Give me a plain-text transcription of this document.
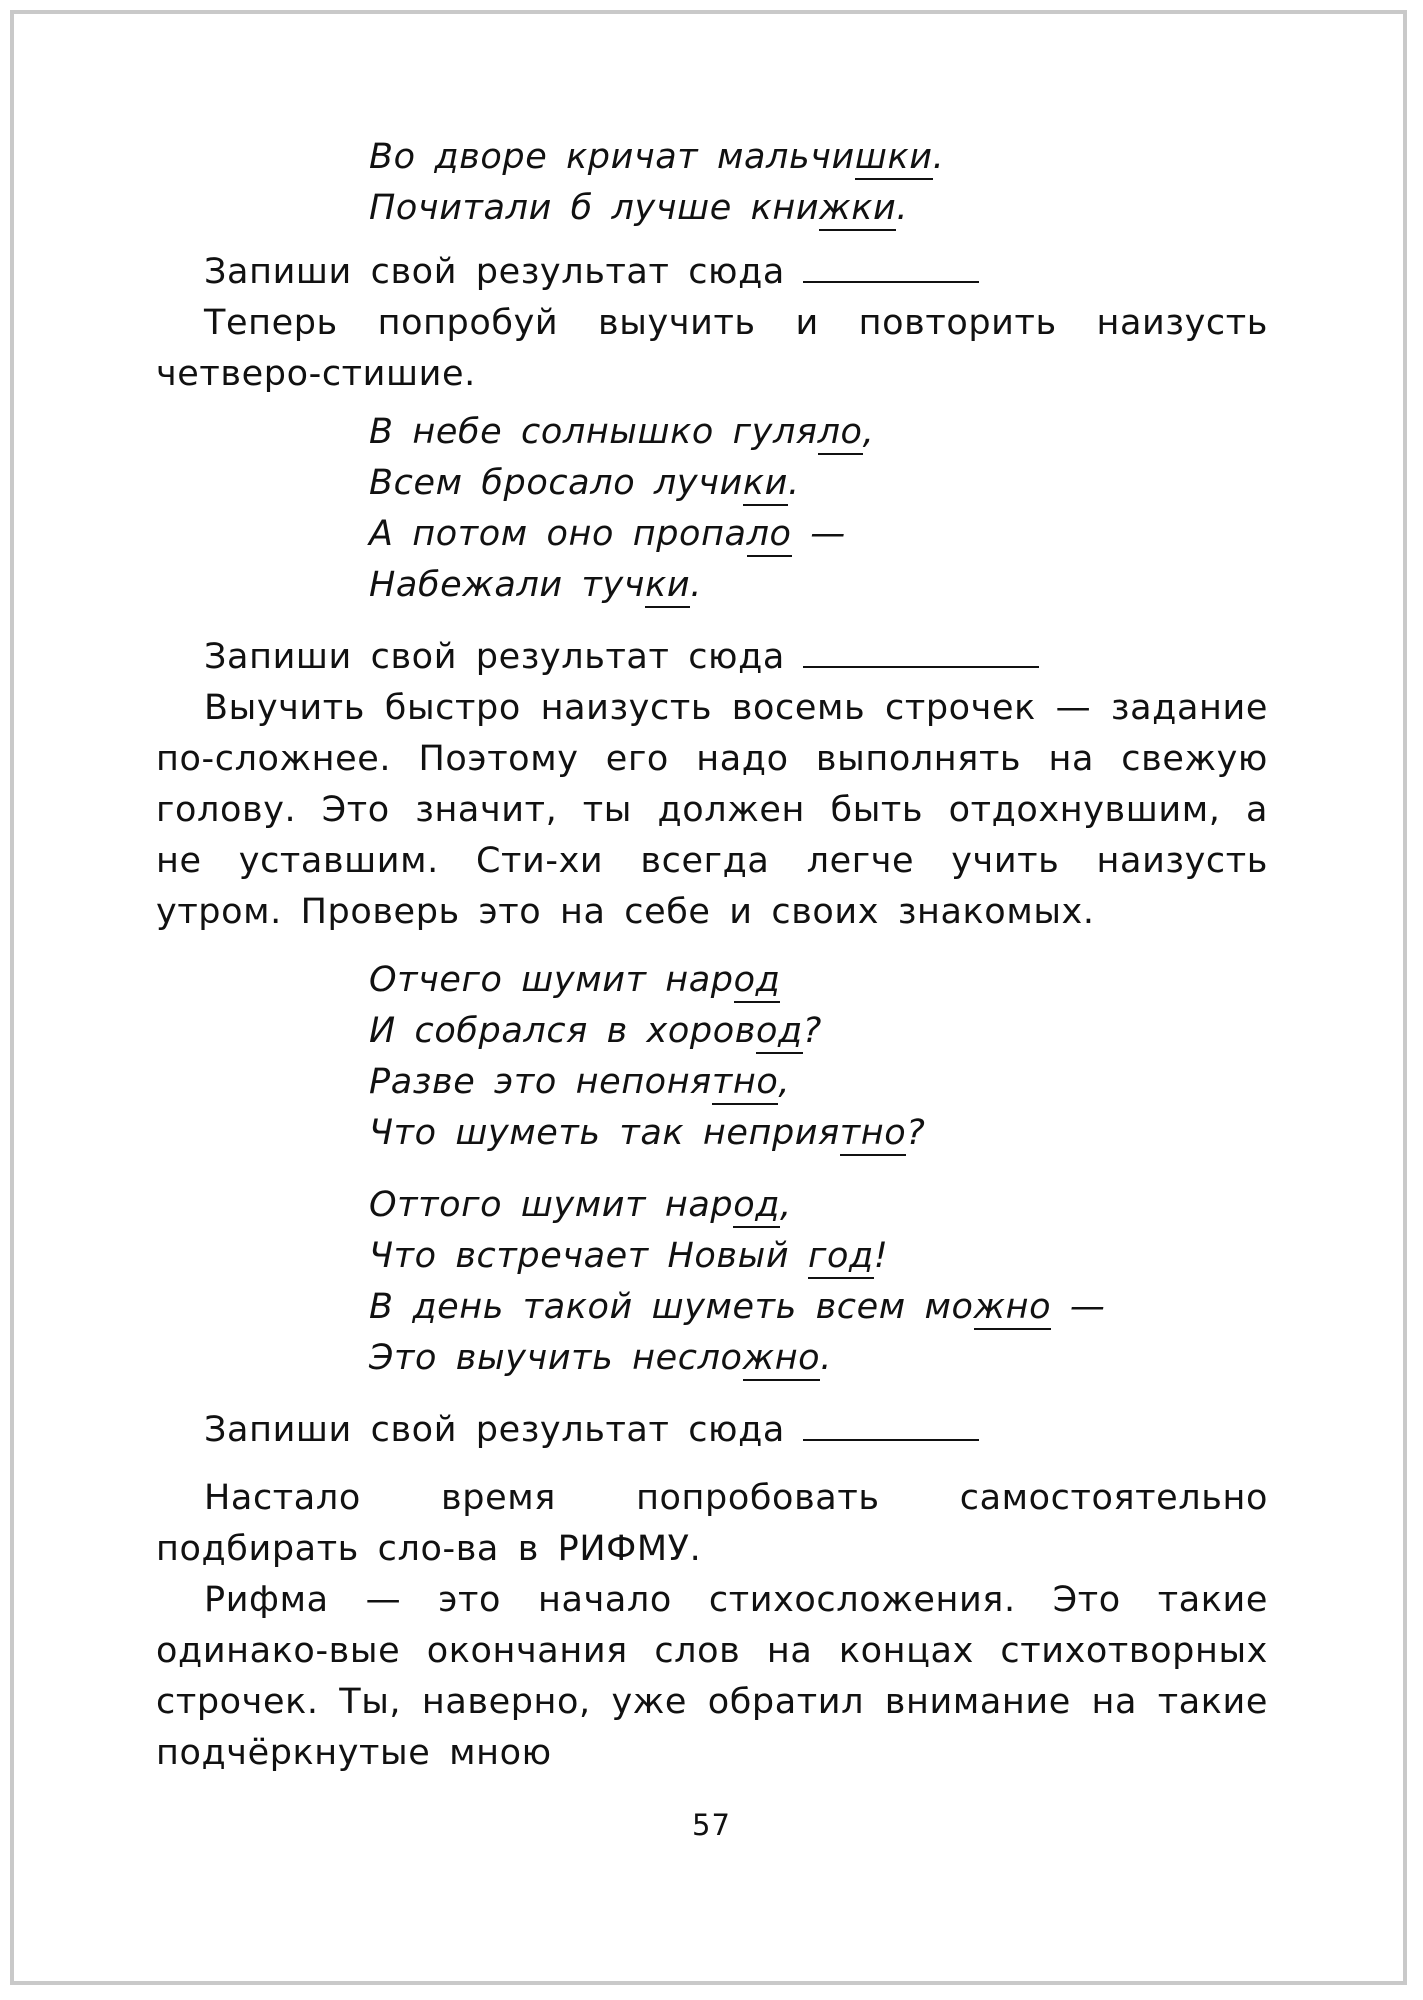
Во дворе кричат мальчишки.
Почитали б лучше книжки.

Запиши свой результат сюда

Теперь попробуй выучить и повторить наизусть четверо-стишие.

В небе солнышко гуляло,
Всем бросало лучики.
А потом оно пропало —
Набежали тучки.

Запиши свой результат сюда

Выучить быстро наизусть восемь строчек — задание по-сложнее. Поэтому его надо выполнять на свежую голову. Это значит, ты должен быть отдохнувшим, а не уставшим. Сти-хи всегда легче учить наизусть утром. Проверь это на себе и своих знакомых.

Отчего шумит народ
И собрался в хоровод?
Разве это непонятно,
Что шуметь так неприятно?
Оттого шумит народ,
Что встречает Новый год!
В день такой шуметь всем можно —
Это выучить несложно.

Запиши свой результат сюда

Настало время попробовать самостоятельно подбирать сло-ва в РИФМУ.

Рифма — это начало стихосложения. Это такие одинако-вые окончания слов на концах стихотворных строчек. Ты, наверно, уже обратил внимание на такие подчёркнутые мною

57
